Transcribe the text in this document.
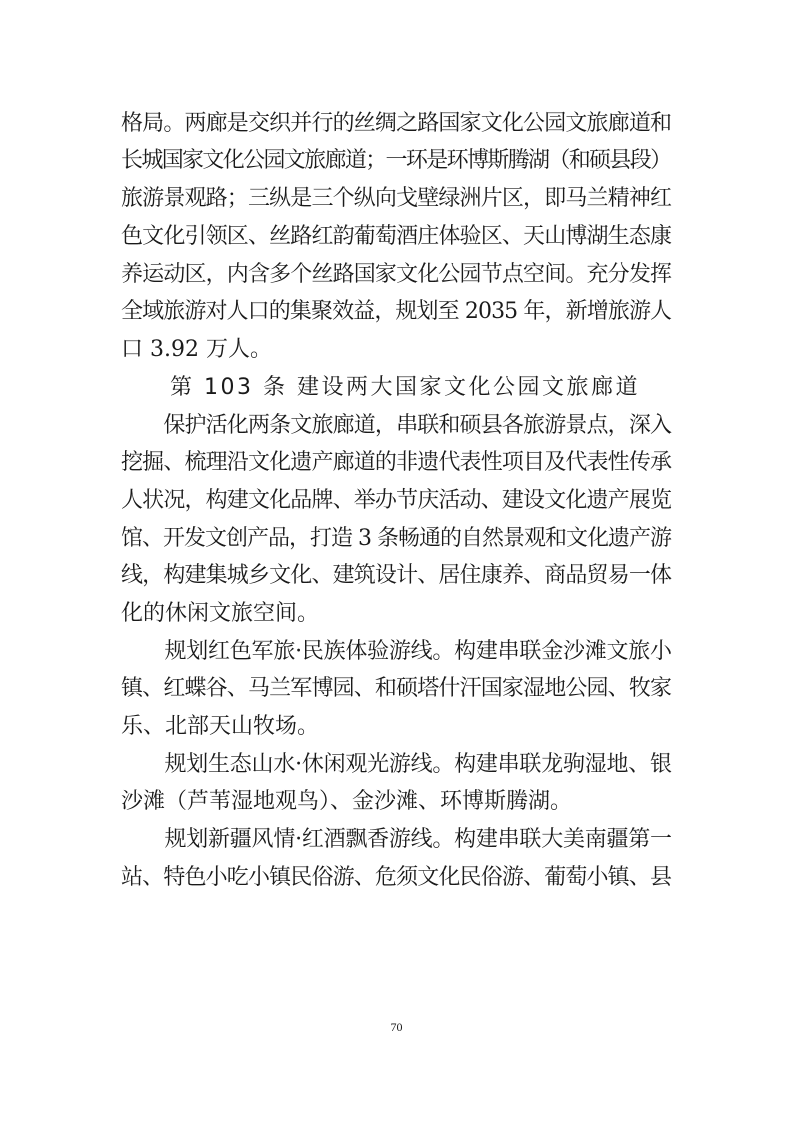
格局。两廊是交织并行的丝绸之路国家文化公园文旅廊道和
长城国家文化公园文旅廊道；一环是环博斯腾湖（和硕县段）
旅游景观路；三纵是三个纵向戈壁绿洲片区，即马兰精神红
色文化引领区、丝路红韵葡萄酒庄体验区、天山博湖生态康
养运动区，内含多个丝路国家文化公园节点空间。充分发挥
全域旅游对人口的集聚效益，规划至 2035 年，新增旅游人
口 3.92 万人。
　　第 103 条 建设两大国家文化公园文旅廊道
　　保护活化两条文旅廊道，串联和硕县各旅游景点，深入
挖掘、梳理沿文化遗产廊道的非遗代表性项目及代表性传承
人状况，构建文化品牌、举办节庆活动、建设文化遗产展览
馆、开发文创产品，打造 3 条畅通的自然景观和文化遗产游
线，构建集城乡文化、建筑设计、居住康养、商品贸易一体
化的休闲文旅空间。
　　规划红色军旅·民族体验游线。构建串联金沙滩文旅小
镇、红蝶谷、马兰军博园、和硕塔什汗国家湿地公园、牧家
乐、北部天山牧场。
　　规划生态山水·休闲观光游线。构建串联龙驹湿地、银
沙滩（芦苇湿地观鸟）、金沙滩、环博斯腾湖。
　　规划新疆风情·红酒飘香游线。构建串联大美南疆第一
站、特色小吃小镇民俗游、危须文化民俗游、葡萄小镇、县
70
